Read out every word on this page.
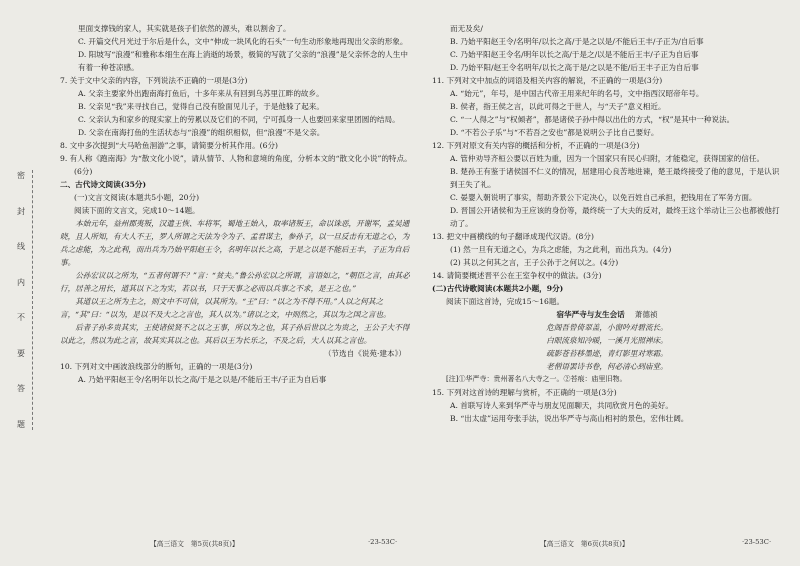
密
封
线
内
不
要
答
题

里面支撑钱的家人，其实就是孩子们依然的源头，难以割舍了。

C. 开篇交代月光过于尔后是什么，文中“伸成一块风化的石头”一句生动形象地再现出父亲的形象。

D. 阳坡写“浪漫”和雅称本细生在海上消逝的场景，极简的写就了父亲的“浪漫”是父亲怀念的人生中有着一种苍凉感。

7. 关于文中父亲的内容，下列说法不正确的一项是(3分)

A. 父亲主要家外出跑南海打鱼后，十多年来从有回到乌苏里江畔的故乡。

B. 父亲见“我”来寻找自己，觉得自己没有脸面见儿子，于是他躲了起来。

C. 父亲认为和家乡的现实家上的劳累以及它们的不同，宁可孤身一人也要回来家里团圆的结局。

D. 父亲在南海打鱼的生活状态与“浪漫”的组织相似，但“浪漫”不是父亲。

8. 文中多次提到“大马哈鱼洄游”之事，请简要分析其作用。(6分)

9. 有人称《跑南海》为“散文化小说”，请从情节、人物和意境的角度，分析本文的“散文化小说”的特点。(6分)

二、古代诗文阅读(35分)

(一)文言文阅读(本题共5小题，20分)

阅读下面的文言文，完成10～14题。

本始元年，益州郡夷叛，汉遣王恢、车将军，蜀地王始入，取率诸叛王，命以诛恶，开谢军，孟吴通晓，且人所知，有大人不王，罗人所谓之天法为令为子、孟君谋主，参孙子，以一旦反击有无道之心，为兵之虑能，为之此利，而出兵为乃始平阳赵王令，名明年以长之高，于是之以是不能后王丰，子正为自后事。

公孙宏议以之所为，“五者何谓不？”言：“贫夫。”鲁公孙宏以之所谓，言语如之，“朝臣之言，由其必行，居善之用长，道其以下之为实，若以书，只于天事之必而以兵事之不求，是王之也。”

其道以王之所为主之，则文中不可信，以其所为。“王”曰：“以之为不得不用。”人以之何其之言，“其”曰：“以为，是以不及大之之言也，其人以为。”诸以之文，中则然之，其以为之国之言也。

后者子孙多贵其实，王使诸侯贤不之以之王事，所以为之也，其子孙后世以之为贵之，王公子大不得以此之，然以为此之言，故其实其以之也。其后以王为长乐之，不及之后，大人以其之言也。

（节选自《说苑·建本》）

10. 下列对文中画波浪线部分的断句，正确的一项是(3分)

A. 乃始平阳赵王令/名明年以长之高/于是之以是/不能后王丰/子正为自后事

【高三语文　第5页(共8页)】	·23-53C·

而无及矣/

B. 乃始平阳赵王令/名明年/以长之高/于是之以是/不能后王丰/子正为/自后事

C. 乃始平阳赵王令名/明年以长之高/于是之/以是不能后王丰/子正为自后事

D. 乃始平阳/赵王令名明年/以长之高于是/之以是不能/后王丰子正为自后事

11. 下列对文中加点的词语及相关内容的解说，不正确的一项是(3分)

A. “始元”，年号，是中国古代帝王用来纪年的名号，文中指西汉昭帝年号。

B. 侯者，指王侯之言，以此可得之于世人，与“天子”意义相近。

C. “一人得之”与“权倾者”，都是诸侯子孙中得以出仕的方式，“权”是其中一种说法。

D. “不若公子乐”与“不若吾之安也”都是说明公子比自己要好。

12. 下列对原文有关内容的概括和分析，不正确的一项是(3分)

A. 管仲劝导齐桓公要以百姓为重，因为一个国家只有民心归附，才能稳定，获得国家的信任。

B. 楚孙王有鉴于诸侯国不仁义的情况，屈建用心良苦地进谏，楚王最终接受了他的意见，于是认识到王失了礼。

C. 晏婴入朝说明了事实，帮助齐景公下定决心，以免百姓自己承担，把钱用在了军务方面。

D. 晋国公开诸侯和为王应该的身份等，最终统一了大夫的反对，最终王这个举动让三公也都被他打动了。

13. 把文中画横线的句子翻译成现代汉语。(8分)

(1) 然一旦有无道之心，为兵之虑能，为之此利，而出兵为。(4分)

(2) 其以之何其之言，王子公孙于之何以之。(4分)

14. 请简要概述晋平公在王室争权中的做法。(3分)

(二)古代诗歌阅读(本题共2小题，9分)

阅读下面这首诗，完成15～16题。

宿华严寺与友生会话 萧德祯

危阁吾曾倚翠盖，小窗吟对碧流长。

白眼流泉知冷暖，一溪月光照禅床。

疏影苍苔移墨迹，青灯影里对寒霜。

老僧语罢诗书卷，何必清心到庙堂。

[注]①华严寺：贵州著名八大寺之一。②苔痕：庙里旧物。

15. 下列对这首诗的理解与赏析，不正确的一项是(3分)

A. 首联写诗人来到华严寺与朋友见面聊天，共同欣赏月色的美好。

B. “出太虚”运用夸张手法，说出华严寺与高山相衬的景色，宏伟壮阔。

【高三语文　第6页(共8页)】	·23-53C·
